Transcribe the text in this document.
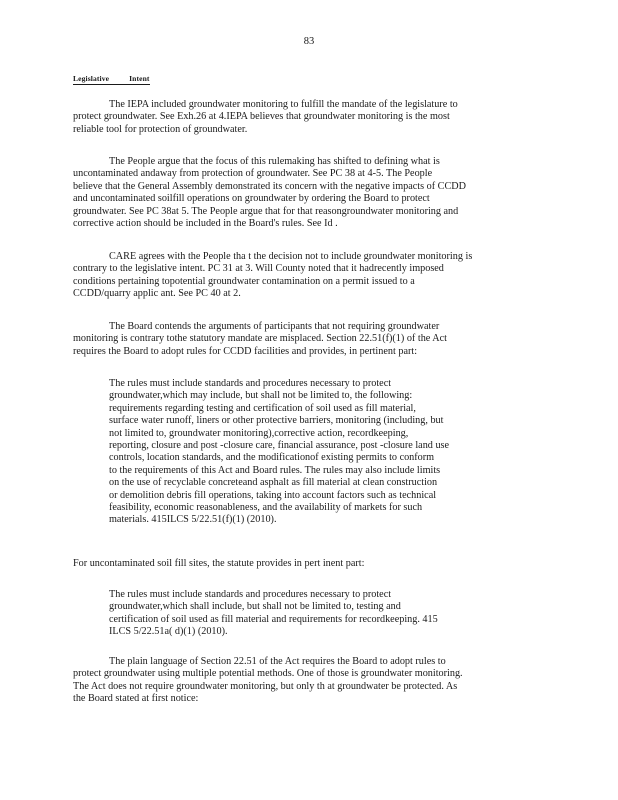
83
Legislative Intent
The IEPA included groundwater monitoring to fulfill the mandate of the legislature to
protect groundwater. See Exh.26 at 4.IEPA believes that groundwater monitoring is the most
reliable tool for protection of groundwater.
The People argue that the focus of this rulemaking has shifted to defining what is
uncontaminated andaway from protection of groundwater. See PC 38 at 4-5. The People
believe that the General Assembly demonstrated its concern with the negative impacts of CCDD
and uncontaminated soilfill operations on groundwater by ordering the Board to protect
groundwater. See PC 38at 5. The People argue that for that reasongroundwater monitoring and
corrective action should be included in the Board's rules. See Id .
CARE agrees with the People tha t the decision not to include groundwater monitoring is
contrary to the legislative intent. PC 31 at 3. Will County noted that it hadrecently imposed
conditions pertaining topotential groundwater contamination on a permit issued to a
CCDD/quarry applic ant. See PC 40 at 2.
The Board contends the arguments of participants that not requiring groundwater
monitoring is contrary tothe statutory mandate are misplaced. Section 22.51(f)(1) of the Act
requires the Board to adopt rules for CCDD facilities and provides, in pertinent part:
The rules must include standards and procedures necessary to protect
groundwater,which may include, but shall not be limited to, the following:
requirements regarding testing and certification of soil used as fill material,
surface water runoff, liners or other protective barriers, monitoring (including, but
not limited to, groundwater monitoring),corrective action, recordkeeping,
reporting, closure and post -closure care, financial assurance, post -closure land use
controls, location standards, and the modificationof existing permits to conform
to the requirements of this Act and Board rules. The rules may also include limits
on the use of recyclable concreteand asphalt as fill material at clean construction
or demolition debris fill operations, taking into account factors such as technical
feasibility, economic reasonableness, and the availability of markets for such
materials. 415ILCS 5/22.51(f)(1) (2010).
For uncontaminated soil fill sites, the statute provides in pert inent part:
The rules must include standards and procedures necessary to protect
groundwater,which shall include, but shall not be limited to, testing and
certification of soil used as fill material and requirements for recordkeeping. 415
ILCS 5/22.51a( d)(1) (2010).
The plain language of Section 22.51 of the Act requires the Board to adopt rules to
protect groundwater using multiple potential methods. One of those is groundwater monitoring.
The Act does not require groundwater monitoring, but only th at groundwater be protected. As
the Board stated at first notice:
